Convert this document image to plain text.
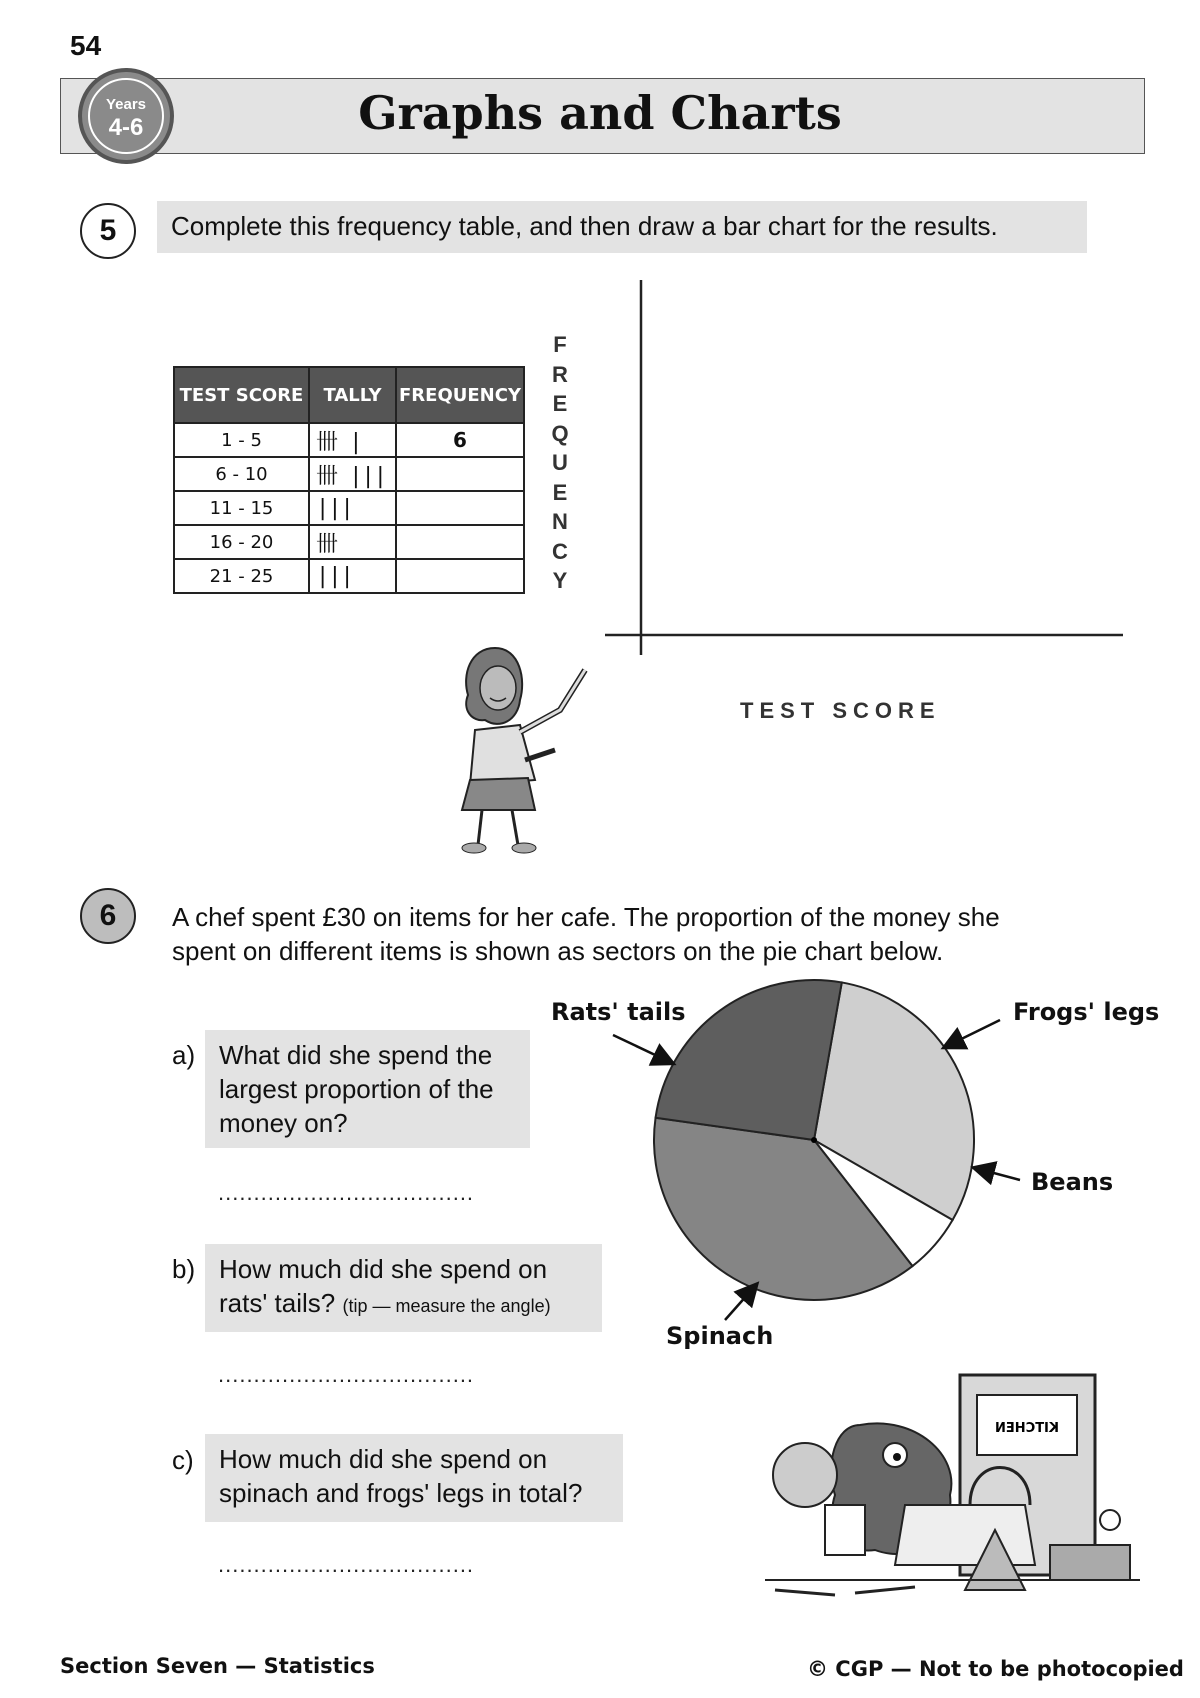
54
Graphs and Charts
Years
4-6
5	Complete this frequency table, and then draw a bar chart for the results.
TEST SCORE	TALLY	FREQUENCY
1 - 5	卌 |	6
6 - 10	卌 |||	
11 - 15	|||	
16 - 20	卌	
21 - 25	|||	
F
R
E
Q
U
E
N
C
Y
TEST SCORE
6	A chef spent £30 on items for her cafe. The proportion of the money she
spent on different items is shown as sectors on the pie chart below.
a) What did she spend the
largest proportion of the
money on?
....................................
b) How much did she spend on
rats' tails? (tip — measure the angle)
....................................
c) How much did she spend on
spinach and frogs' legs in total?
....................................
Frogs' legs
Beans
Spinach
Rats' tails
KITCHEN
Section Seven — Statistics	© CGP — Not to be photocopied
